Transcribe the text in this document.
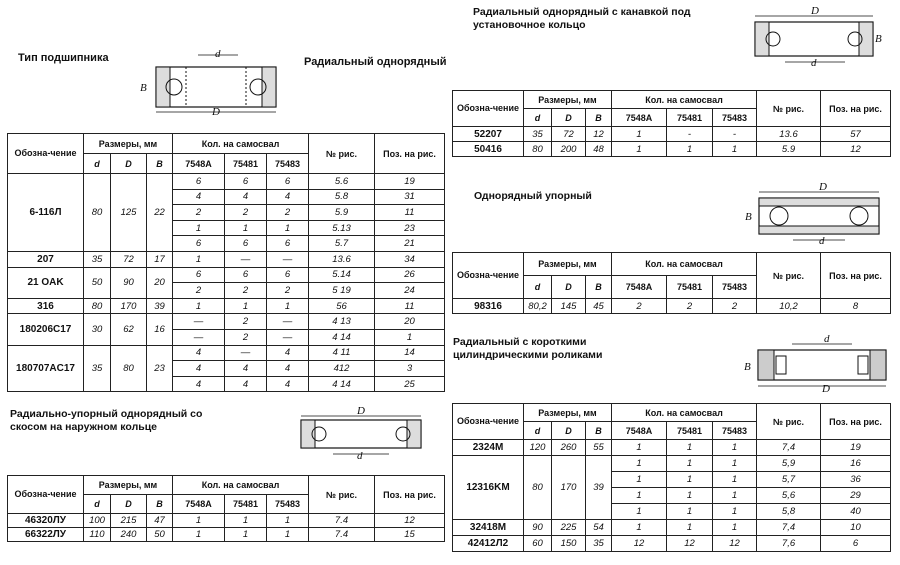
Тип подшипника	Радиальный однорядный
Радиальный однорядный с канавкой под установочное кольцо
Однорядный упорный
Радиальный с короткими цилиндрическими роликами
Радиально-упорный однорядный со скосом на наружном кольце
d
B
D
D
B
d
D
B
d
d
B
D
D
d
Обозна-чение	Размеры, мм			Кол. на самосвал			№ рис.	Поз. на рис.
	d	D	B	7548А	75481	75483		
6-116Л	80	125	22	6	6	6	5.6	19
				4	4	4	5.8	31
				2	2	2	5.9	11
				1	1	1	5.13	23
				6	6	6	5.7	21
207	35	72	17	1	—	—	13.6	34
21 OAK	50	90	20	6	6	6	5.14	26
				2	2	2	5 19	24
316	80	170	39	1	1	1	56	11
180206C17	30	62	16	—	2	—	4 13	20
				—	2	—	4 14	1
180707AC17	35	80	23	4	—	4	4 11	14
				4	4	4	412	3
				4	4	4	4 14	25
Обозна-чение	Размеры, мм			Кол. на самосвал			№ рис.	Поз. на рис.
	d	D	B	7548А	75481	75483		
46320ЛУ	100	215	47	1	1	1	7.4	12
66322ЛУ	110	240	50	1	1	1	7.4	15
Обозна-чение	Размеры, мм			Кол. на самосвал			№ рис.	Поз. на рис.
	d	D	B	7548А	75481	75483		
52207	35	72	12	1	-	-	13.6	57
50416	80	200	48	1	1	1	5.9	12
Обозна-чение	Размеры, мм			Кол. на самосвал			№ рис.	Поз. на рис.
	d	D	B	7548А	75481	75483		
98316	80,2	145	45	2	2	2	10,2	8
Обозна-чение	Размеры, мм			Кол. на самосвал			№ рис.	Поз. на рис.
	d	D	B	7548А	75481	75483		
2324M	120	260	55	1	1	1	7,4	19
12316KM	80	170	39	1	1	1	5,9	16
				1	1	1	5,7	36
				1	1	1	5,6	29
				1	1	1	5,8	40
32418M	90	225	54	1	1	1	7,4	10
42412Л2	60	150	35	12	12	12	7,6	6
